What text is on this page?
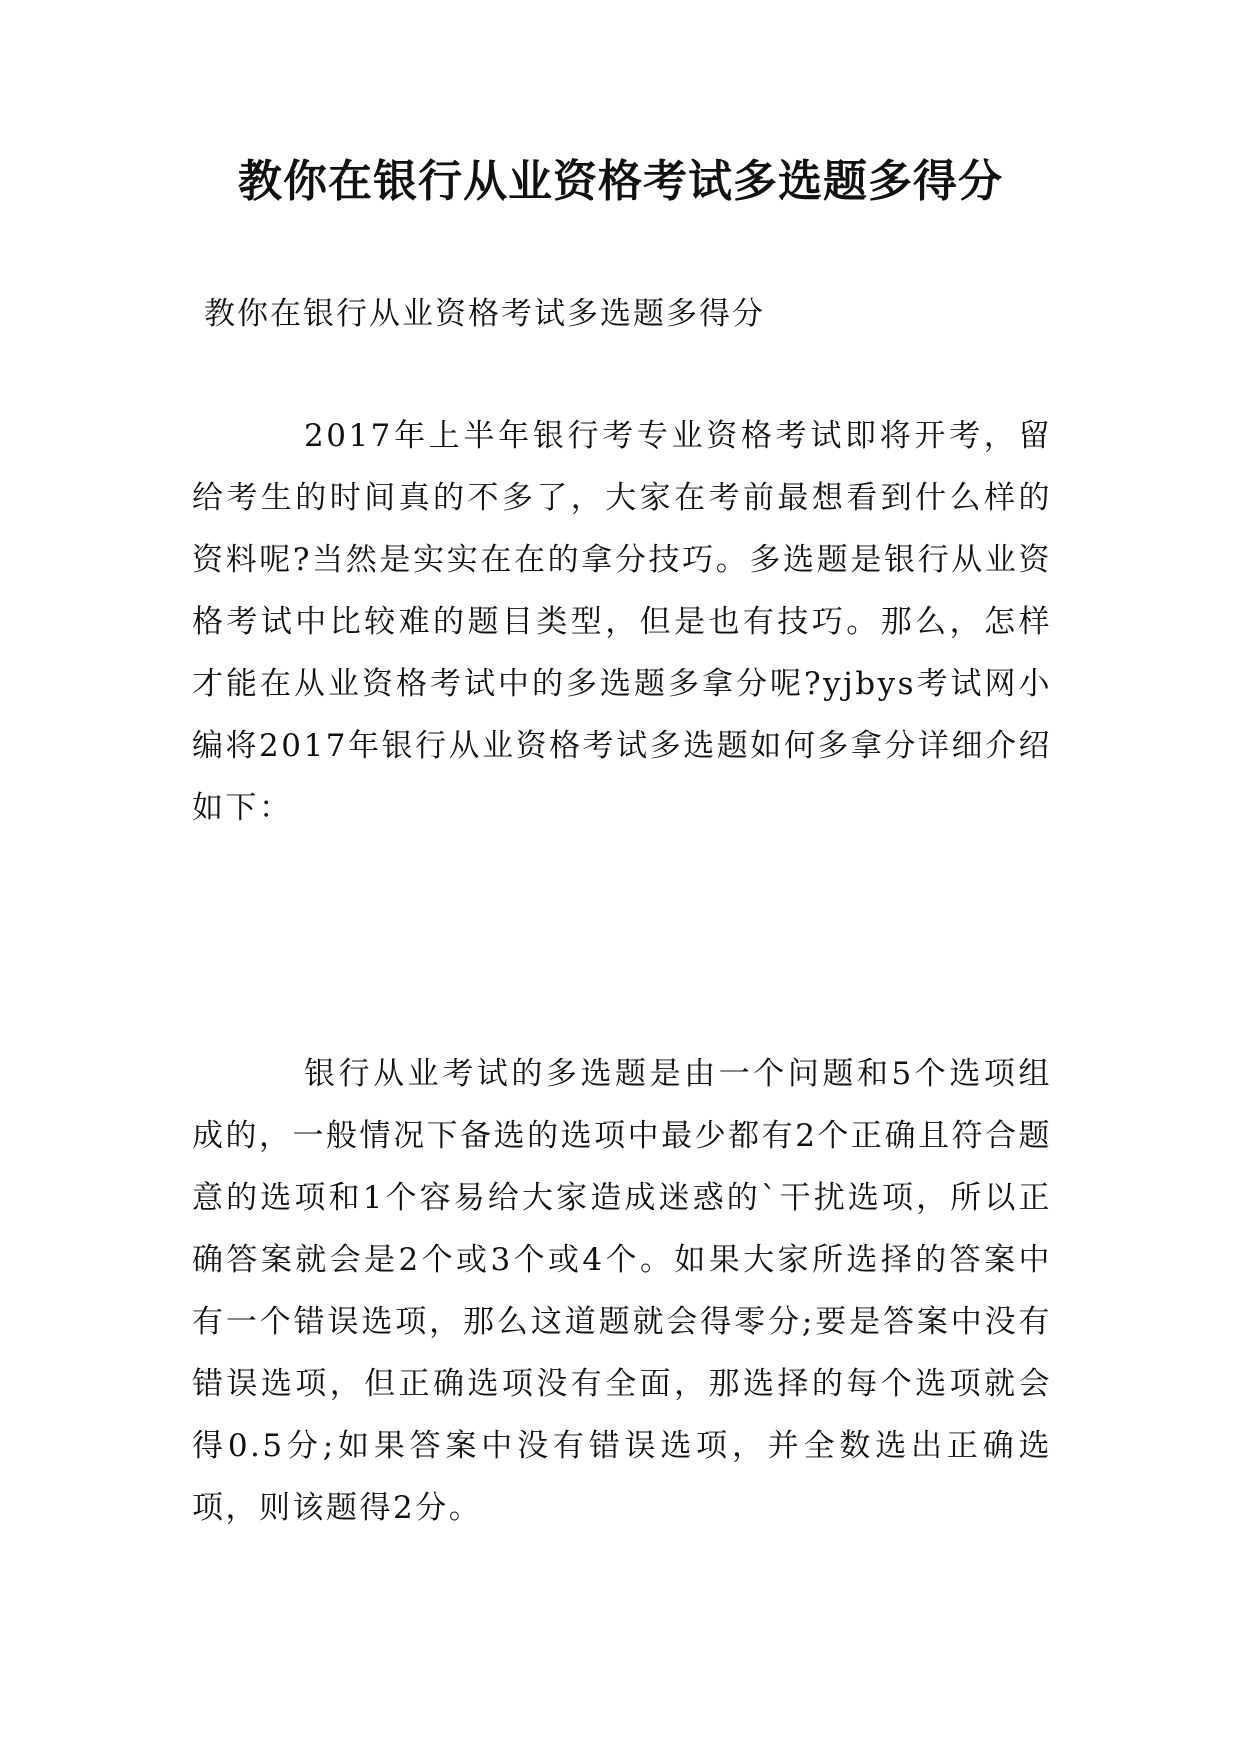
教你在银行从业资格考试多选题多得分
教你在银行从业资格考试多选题多得分

2017年上半年银行考专业资格考试即将开考，留给考生的时间真的不多了，大家在考前最想看到什么样的资料呢?当然是实实在在的拿分技巧。多选题是银行从业资格考试中比较难的题目类型，但是也有技巧。那么，怎样才能在从业资格考试中的多选题多拿分呢?yjbys考试网小编将2017年银行从业资格考试多选题如何多拿分详细介绍如下：

银行从业考试的多选题是由一个问题和5个选项组成的，一般情况下备选的选项中最少都有2个正确且符合题意的选项和1个容易给大家造成迷惑的`干扰选项，所以正确答案就会是2个或3个或4个。如果大家所选择的答案中有一个错误选项，那么这道题就会得零分;要是答案中没有错误选项，但正确选项没有全面，那选择的每个选项就会得0.5分;如果答案中没有错误选项，并全数选出正确选项，则该题得2分。
